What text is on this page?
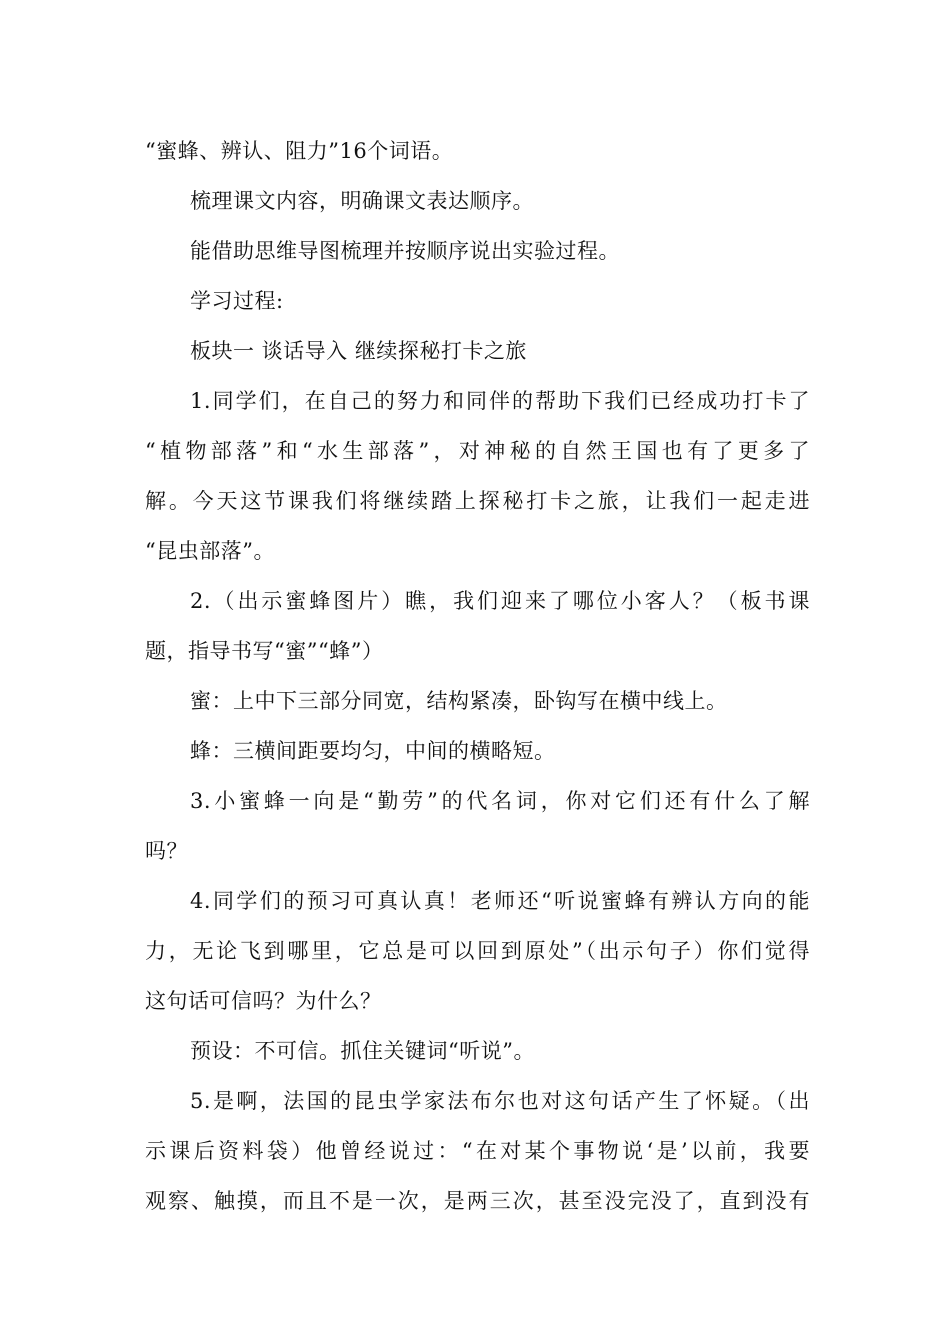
“蜜蜂、辨认、阻力”16个词语。
梳理课文内容，明确课文表达顺序。
能借助思维导图梳理并按顺序说出实验过程。
学习过程:
板块一 谈话导入 继续探秘打卡之旅
1.同学们，在自己的努力和同伴的帮助下我们已经成功打卡了
“植物部落”和“水生部落”，对神秘的自然王国也有了更多了
解。今天这节课我们将继续踏上探秘打卡之旅，让我们一起走进
“昆虫部落”。
2.（出示蜜蜂图片）瞧，我们迎来了哪位小客人？（板书课
题，指导书写“蜜”“蜂”）
蜜：上中下三部分同宽，结构紧凑，卧钩写在横中线上。
蜂：三横间距要均匀，中间的横略短。
3.小蜜蜂一向是“勤劳”的代名词，你对它们还有什么了解
吗？
4.同学们的预习可真认真！老师还“听说蜜蜂有辨认方向的能
力，无论飞到哪里，它总是可以回到原处”（出示句子）你们觉得
这句话可信吗？为什么？
预设：不可信。抓住关键词“听说”。
5.是啊，法国的昆虫学家法布尔也对这句话产生了怀疑。（出
示课后资料袋）他曾经说过：“在对某个事物说‘是’以前，我要
观察、触摸，而且不是一次，是两三次，甚至没完没了，直到没有
